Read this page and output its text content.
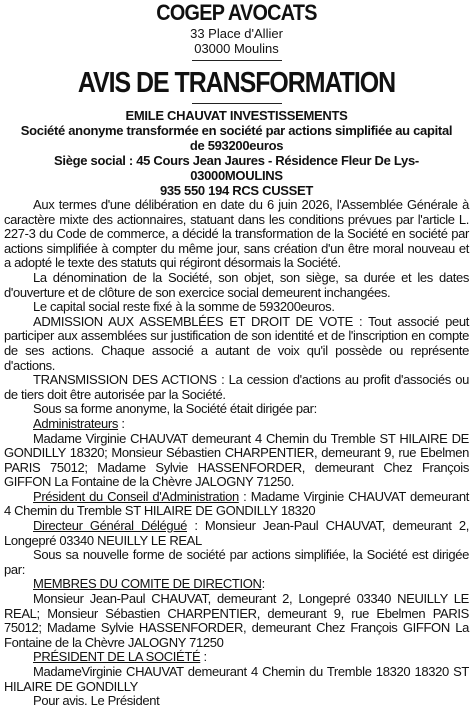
COGEP AVOCATS
33 Place d'Allier
03000 Moulins
AVIS DE TRANSFORMATION
EMILE CHAUVAT INVESTISSEMENTS
Société anonyme transformée en société par actions simplifiée au capital
de 593200euros
Siège social : 45 Cours Jean Jaures - Résidence Fleur De Lys-
03000MOULINS
935 550 194 RCS CUSSET

Aux termes d'une délibération en date du 6 juin 2026, l'Assemblée Générale à caractère mixte des actionnaires, statuant dans les conditions prévues par l'article L. 227-3 du Code de commerce, a décidé la transformation de la Société en société par actions simplifiée à compter du même jour, sans création d'un être moral nouveau et a adopté le texte des statuts qui régiront désormais la Société.

La dénomination de la Société, son objet, son siège, sa durée et les dates d'ouverture et de clôture de son exercice social demeurent inchangées.

Le capital social reste fixé à la somme de 593200euros.

ADMISSION AUX ASSEMBLÉES ET DROIT DE VOTE : Tout associé peut participer aux assemblées sur justification de son identité et de l'inscription en compte de ses actions. Chaque associé a autant de voix qu'il possède ou représente d'actions.

TRANSMISSION DES ACTIONS : La cession d'actions au profit d'associés ou de tiers doit être autorisée par la Société.

Sous sa forme anonyme, la Société était dirigée par:

Administrateurs :

Madame Virginie CHAUVAT demeurant 4 Chemin du Tremble ST HILAIRE DE GONDILLY 18320; Monsieur Sébastien CHARPENTIER, demeurant 9, rue Ebelmen PARIS 75012; Madame Sylvie HASSENFORDER, demeurant Chez François GIFFON La Fontaine de la Chèvre JALOGNY 71250.

Président du Conseil d'Administration : Madame Virginie CHAUVAT demeurant 4 Chemin du Tremble ST HILAIRE DE GONDILLY 18320

Directeur Général Délégué : Monsieur Jean-Paul CHAUVAT, demeurant 2, Longepré 03340 NEUILLY LE REAL

Sous sa nouvelle forme de société par actions simplifiée, la Société est dirigée par:

MEMBRES DU COMITE DE DIRECTION:

Monsieur Jean-Paul CHAUVAT, demeurant 2, Longepré 03340 NEUILLY LE REAL; Monsieur Sébastien CHARPENTIER, demeurant 9, rue Ebelmen PARIS 75012; Madame Sylvie HASSENFORDER, demeurant Chez François GIFFON La Fontaine de la Chèvre JALOGNY 71250

PRÉSIDENT DE LA SOCIÉTÉ :

MadameVirginie CHAUVAT demeurant 4 Chemin du Tremble 18320 18320 ST HILAIRE DE GONDILLY

Pour avis. Le Président
